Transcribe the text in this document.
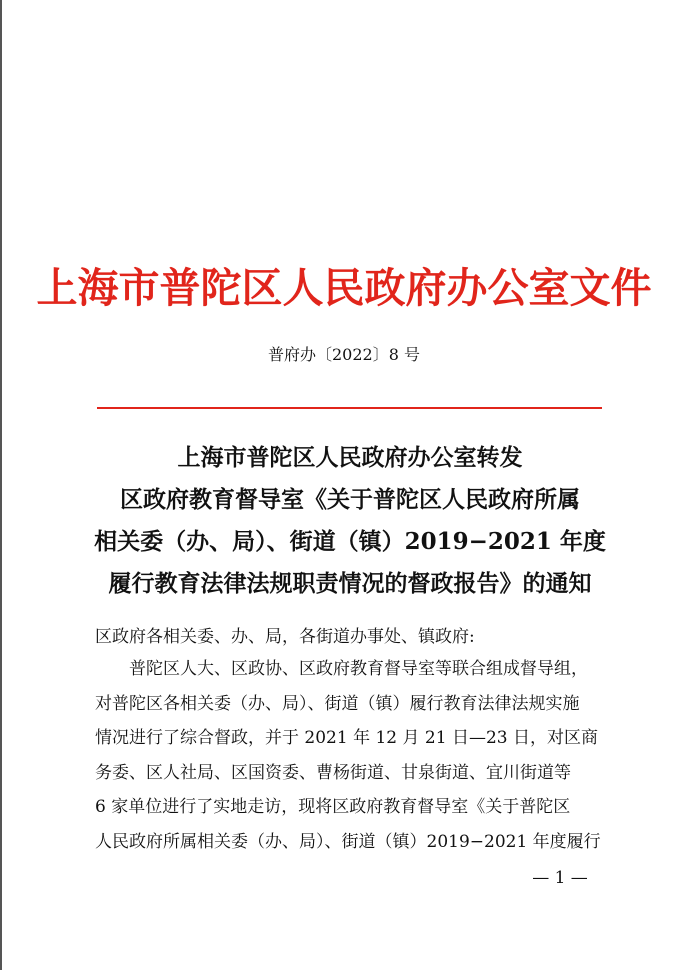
上海市普陀区人民政府办公室文件
普府办〔2022〕8 号
上海市普陀区人民政府办公室转发
区政府教育督导室《关于普陀区人民政府所属
相关委（办、局）、街道（镇）2019−2021 年度
履行教育法律法规职责情况的督政报告》的通知
区政府各相关委、办、局，各街道办事处、镇政府:
　　普陀区人大、区政协、区政府教育督导室等联合组成督导组，
对普陀区各相关委（办、局）、街道（镇）履行教育法律法规实施
情况进行了综合督政，并于 2021 年 12 月 21 日—23 日，对区商
务委、区人社局、区国资委、曹杨街道、甘泉街道、宜川街道等
6 家单位进行了实地走访，现将区政府教育督导室《关于普陀区
人民政府所属相关委（办、局）、街道（镇）2019−2021 年度履行
— 1 —
